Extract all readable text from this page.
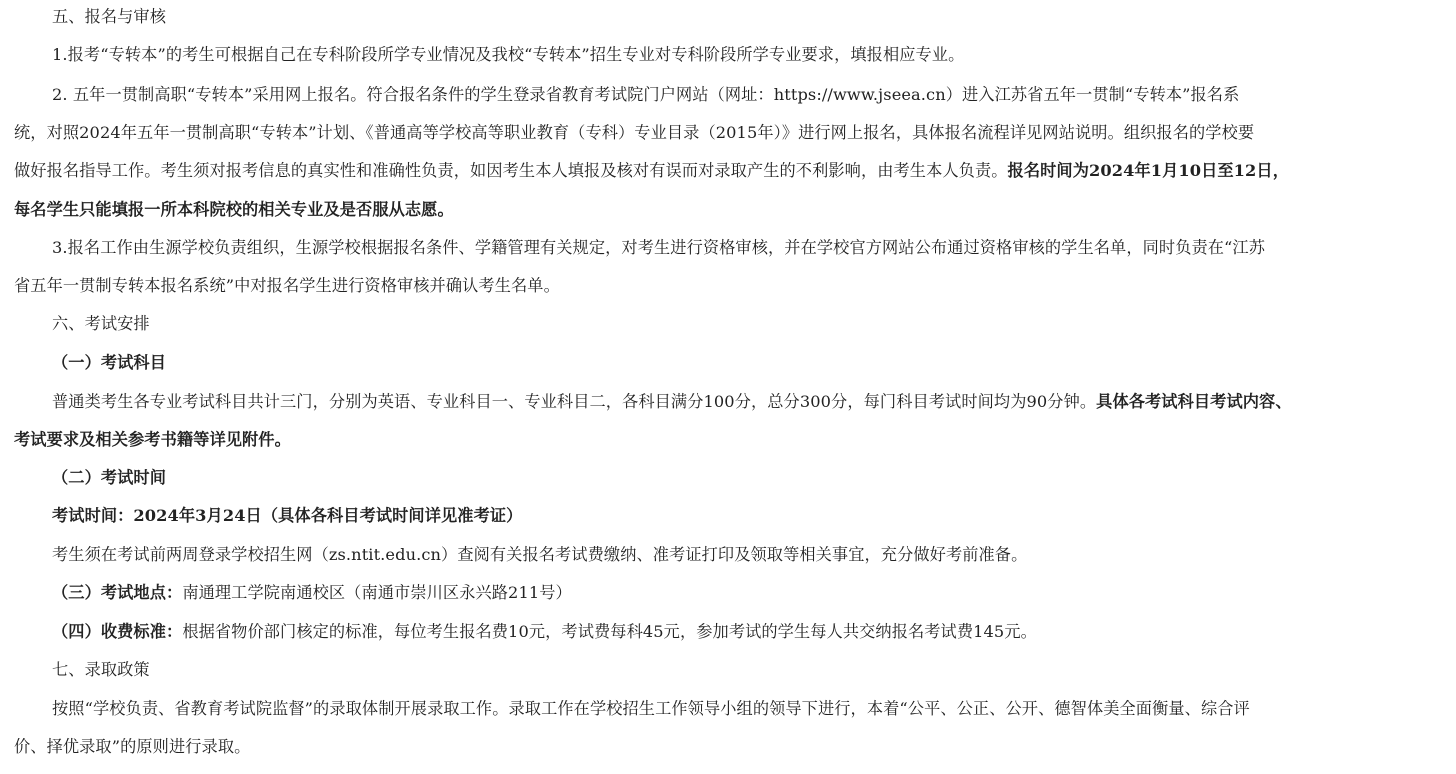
五、报名与审核
1.报考“专转本”的考生可根据自己在专科阶段所学专业情况及我校“专转本”招生专业对专科阶段所学专业要求，填报相应专业。
2. 五年一贯制高职“专转本”采用网上报名。符合报名条件的学生登录省教育考试院门户网站（网址：https://www.jseea.cn）进入江苏省五年一贯制“专转本”报名系
统，对照2024年五年一贯制高职“专转本”计划、《普通高等学校高等职业教育（专科）专业目录（2015年）》进行网上报名，具体报名流程详见网站说明。组织报名的学校要
做好报名指导工作。考生须对报考信息的真实性和准确性负责，如因考生本人填报及核对有误而对录取产生的不利影响，由考生本人负责。报名时间为2024年1月10日至12日，
每名学生只能填报一所本科院校的相关专业及是否服从志愿。
3.报名工作由生源学校负责组织，生源学校根据报名条件、学籍管理有关规定，对考生进行资格审核，并在学校官方网站公布通过资格审核的学生名单，同时负责在“江苏
省五年一贯制专转本报名系统”中对报名学生进行资格审核并确认考生名单。
六、考试安排
（一）考试科目
普通类考生各专业考试科目共计三门，分别为英语、专业科目一、专业科目二，各科目满分100分，总分300分，每门科目考试时间均为90分钟。具体各考试科目考试内容、
考试要求及相关参考书籍等详见附件。
（二）考试时间
考试时间：2024年3月24日（具体各科目考试时间详见准考证）
考生须在考试前两周登录学校招生网（zs.ntit.edu.cn）查阅有关报名考试费缴纳、准考证打印及领取等相关事宜，充分做好考前准备。
（三）考试地点：南通理工学院南通校区（南通市崇川区永兴路211号）
（四）收费标准：根据省物价部门核定的标准，每位考生报名费10元，考试费每科45元，参加考试的学生每人共交纳报名考试费145元。
七、录取政策
按照“学校负责、省教育考试院监督”的录取体制开展录取工作。录取工作在学校招生工作领导小组的领导下进行，本着“公平、公正、公开、德智体美全面衡量、综合评
价、择优录取”的原则进行录取。
